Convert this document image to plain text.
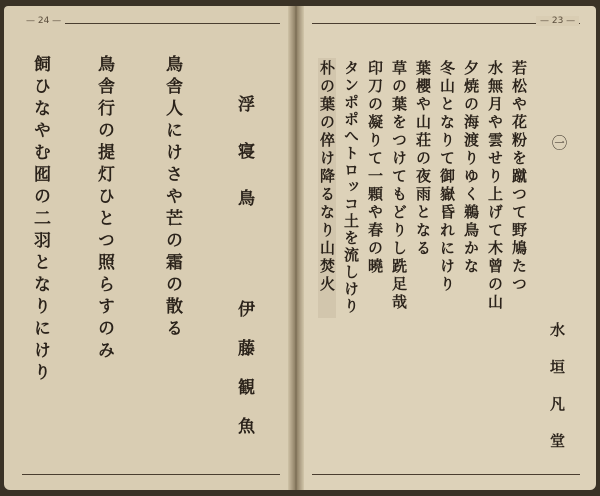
— 24 —	— 23 —
浮寝鳥
伊藤観魚
鳥舎人にけさや芒の霜の散る
鳥舎行の提灯ひとつ照らすのみ
飼ひなやむ囮の二羽となりにけり	㊀
水垣凡堂
若松や花粉を蹴つて野鳩たつ
水無月や雲せり上げて木曾の山
夕焼の海渡りゆく鵜鳥かな
冬山となりて御嶽昏れにけり
葉櫻や山荘の夜雨となる
草の葉をつけてもどりし跣足哉
印刀の凝りて一顆や春の曉
タンポポへトロッコ土を流しけり
朴の葉の倅け降るなり山焚火
